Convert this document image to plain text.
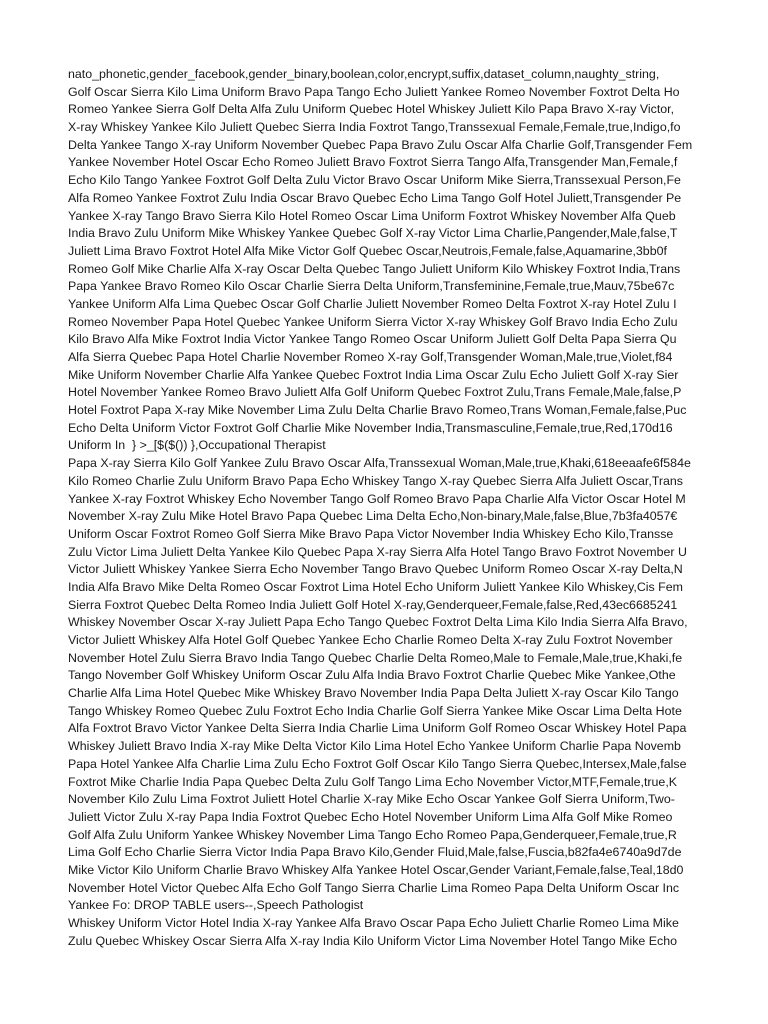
nato_phonetic,gender_facebook,gender_binary,boolean,color,encrypt,suffix,dataset_column,naughty_string,
Golf Oscar Sierra Kilo Lima Uniform Bravo Papa Tango Echo Juliett Yankee Romeo November Foxtrot Delta Ho
Romeo Yankee Sierra Golf Delta Alfa Zulu Uniform Quebec Hotel Whiskey Juliett Kilo Papa Bravo X-ray Victor,
X-ray Whiskey Yankee Kilo Juliett Quebec Sierra India Foxtrot Tango,Transsexual Female,Female,true,Indigo,fo
Delta Yankee Tango X-ray Uniform November Quebec Papa Bravo Zulu Oscar Alfa Charlie Golf,Transgender Fem
Yankee November Hotel Oscar Echo Romeo Juliett Bravo Foxtrot Sierra Tango Alfa,Transgender Man,Female,f
Echo Kilo Tango Yankee Foxtrot Golf Delta Zulu Victor Bravo Oscar Uniform Mike Sierra,Transsexual Person,Fe
Alfa Romeo Yankee Foxtrot Zulu India Oscar Bravo Quebec Echo Lima Tango Golf Hotel Juliett,Transgender Pe
Yankee X-ray Tango Bravo Sierra Kilo Hotel Romeo Oscar Lima Uniform Foxtrot Whiskey November Alfa Queb
India Bravo Zulu Uniform Mike Whiskey Yankee Quebec Golf X-ray Victor Lima Charlie,Pangender,Male,false,T
Juliett Lima Bravo Foxtrot Hotel Alfa Mike Victor Golf Quebec Oscar,Neutrois,Female,false,Aquamarine,3bb0f
Romeo Golf Mike Charlie Alfa X-ray Oscar Delta Quebec Tango Juliett Uniform Kilo Whiskey Foxtrot India,Trans
Papa Yankee Bravo Romeo Kilo Oscar Charlie Sierra Delta Uniform,Transfeminine,Female,true,Mauv,75be67c
Yankee Uniform Alfa Lima Quebec Oscar Golf Charlie Juliett November Romeo Delta Foxtrot X-ray Hotel Zulu I
Romeo November Papa Hotel Quebec Yankee Uniform Sierra Victor X-ray Whiskey Golf Bravo India Echo Zulu
Kilo Bravo Alfa Mike Foxtrot India Victor Yankee Tango Romeo Oscar Uniform Juliett Golf Delta Papa Sierra Qu
Alfa Sierra Quebec Papa Hotel Charlie November Romeo X-ray Golf,Transgender Woman,Male,true,Violet,f84
Mike Uniform November Charlie Alfa Yankee Quebec Foxtrot India Lima Oscar Zulu Echo Juliett Golf X-ray Sier
Hotel November Yankee Romeo Bravo Juliett Alfa Golf Uniform Quebec Foxtrot Zulu,Trans Female,Male,false,P
Hotel Foxtrot Papa X-ray Mike November Lima Zulu Delta Charlie Bravo Romeo,Trans Woman,Female,false,Puc
Echo Delta Uniform Victor Foxtrot Golf Charlie Mike November India,Transmasculine,Female,true,Red,170d16
Uniform In  } >_[$($()) },Occupational Therapist
Papa X-ray Sierra Kilo Golf Yankee Zulu Bravo Oscar Alfa,Transsexual Woman,Male,true,Khaki,618eeaafe6f584e
Kilo Romeo Charlie Zulu Uniform Bravo Papa Echo Whiskey Tango X-ray Quebec Sierra Alfa Juliett Oscar,Trans
Yankee X-ray Foxtrot Whiskey Echo November Tango Golf Romeo Bravo Papa Charlie Alfa Victor Oscar Hotel M
November X-ray Zulu Mike Hotel Bravo Papa Quebec Lima Delta Echo,Non-binary,Male,false,Blue,7b3fa4057€
Uniform Oscar Foxtrot Romeo Golf Sierra Mike Bravo Papa Victor November India Whiskey Echo Kilo,Transse
Zulu Victor Lima Juliett Delta Yankee Kilo Quebec Papa X-ray Sierra Alfa Hotel Tango Bravo Foxtrot November U
Victor Juliett Whiskey Yankee Sierra Echo November Tango Bravo Quebec Uniform Romeo Oscar X-ray Delta,N
India Alfa Bravo Mike Delta Romeo Oscar Foxtrot Lima Hotel Echo Uniform Juliett Yankee Kilo Whiskey,Cis Fem
Sierra Foxtrot Quebec Delta Romeo India Juliett Golf Hotel X-ray,Genderqueer,Female,false,Red,43ec6685241
Whiskey November Oscar X-ray Juliett Papa Echo Tango Quebec Foxtrot Delta Lima Kilo India Sierra Alfa Bravo,
Victor Juliett Whiskey Alfa Hotel Golf Quebec Yankee Echo Charlie Romeo Delta X-ray Zulu Foxtrot November
November Hotel Zulu Sierra Bravo India Tango Quebec Charlie Delta Romeo,Male to Female,Male,true,Khaki,fe
Tango November Golf Whiskey Uniform Oscar Zulu Alfa India Bravo Foxtrot Charlie Quebec Mike Yankee,Othe
Charlie Alfa Lima Hotel Quebec Mike Whiskey Bravo November India Papa Delta Juliett X-ray Oscar Kilo Tango
Tango Whiskey Romeo Quebec Zulu Foxtrot Echo India Charlie Golf Sierra Yankee Mike Oscar Lima Delta Hote
Alfa Foxtrot Bravo Victor Yankee Delta Sierra India Charlie Lima Uniform Golf Romeo Oscar Whiskey Hotel Papa
Whiskey Juliett Bravo India X-ray Mike Delta Victor Kilo Lima Hotel Echo Yankee Uniform Charlie Papa Novemb
Papa Hotel Yankee Alfa Charlie Lima Zulu Echo Foxtrot Golf Oscar Kilo Tango Sierra Quebec,Intersex,Male,false
Foxtrot Mike Charlie India Papa Quebec Delta Zulu Golf Tango Lima Echo November Victor,MTF,Female,true,K
November Kilo Zulu Lima Foxtrot Juliett Hotel Charlie X-ray Mike Echo Oscar Yankee Golf Sierra Uniform,Two-
Juliett Victor Zulu X-ray Papa India Foxtrot Quebec Echo Hotel November Uniform Lima Alfa Golf Mike Romeo
Golf Alfa Zulu Uniform Yankee Whiskey November Lima Tango Echo Romeo Papa,Genderqueer,Female,true,R
Lima Golf Echo Charlie Sierra Victor India Papa Bravo Kilo,Gender Fluid,Male,false,Fuscia,b82fa4e6740a9d7de
Mike Victor Kilo Uniform Charlie Bravo Whiskey Alfa Yankee Hotel Oscar,Gender Variant,Female,false,Teal,18d0
November Hotel Victor Quebec Alfa Echo Golf Tango Sierra Charlie Lima Romeo Papa Delta Uniform Oscar Inc
Yankee Fo: DROP TABLE users--,Speech Pathologist
Whiskey Uniform Victor Hotel India X-ray Yankee Alfa Bravo Oscar Papa Echo Juliett Charlie Romeo Lima Mike
Zulu Quebec Whiskey Oscar Sierra Alfa X-ray India Kilo Uniform Victor Lima November Hotel Tango Mike Echo
